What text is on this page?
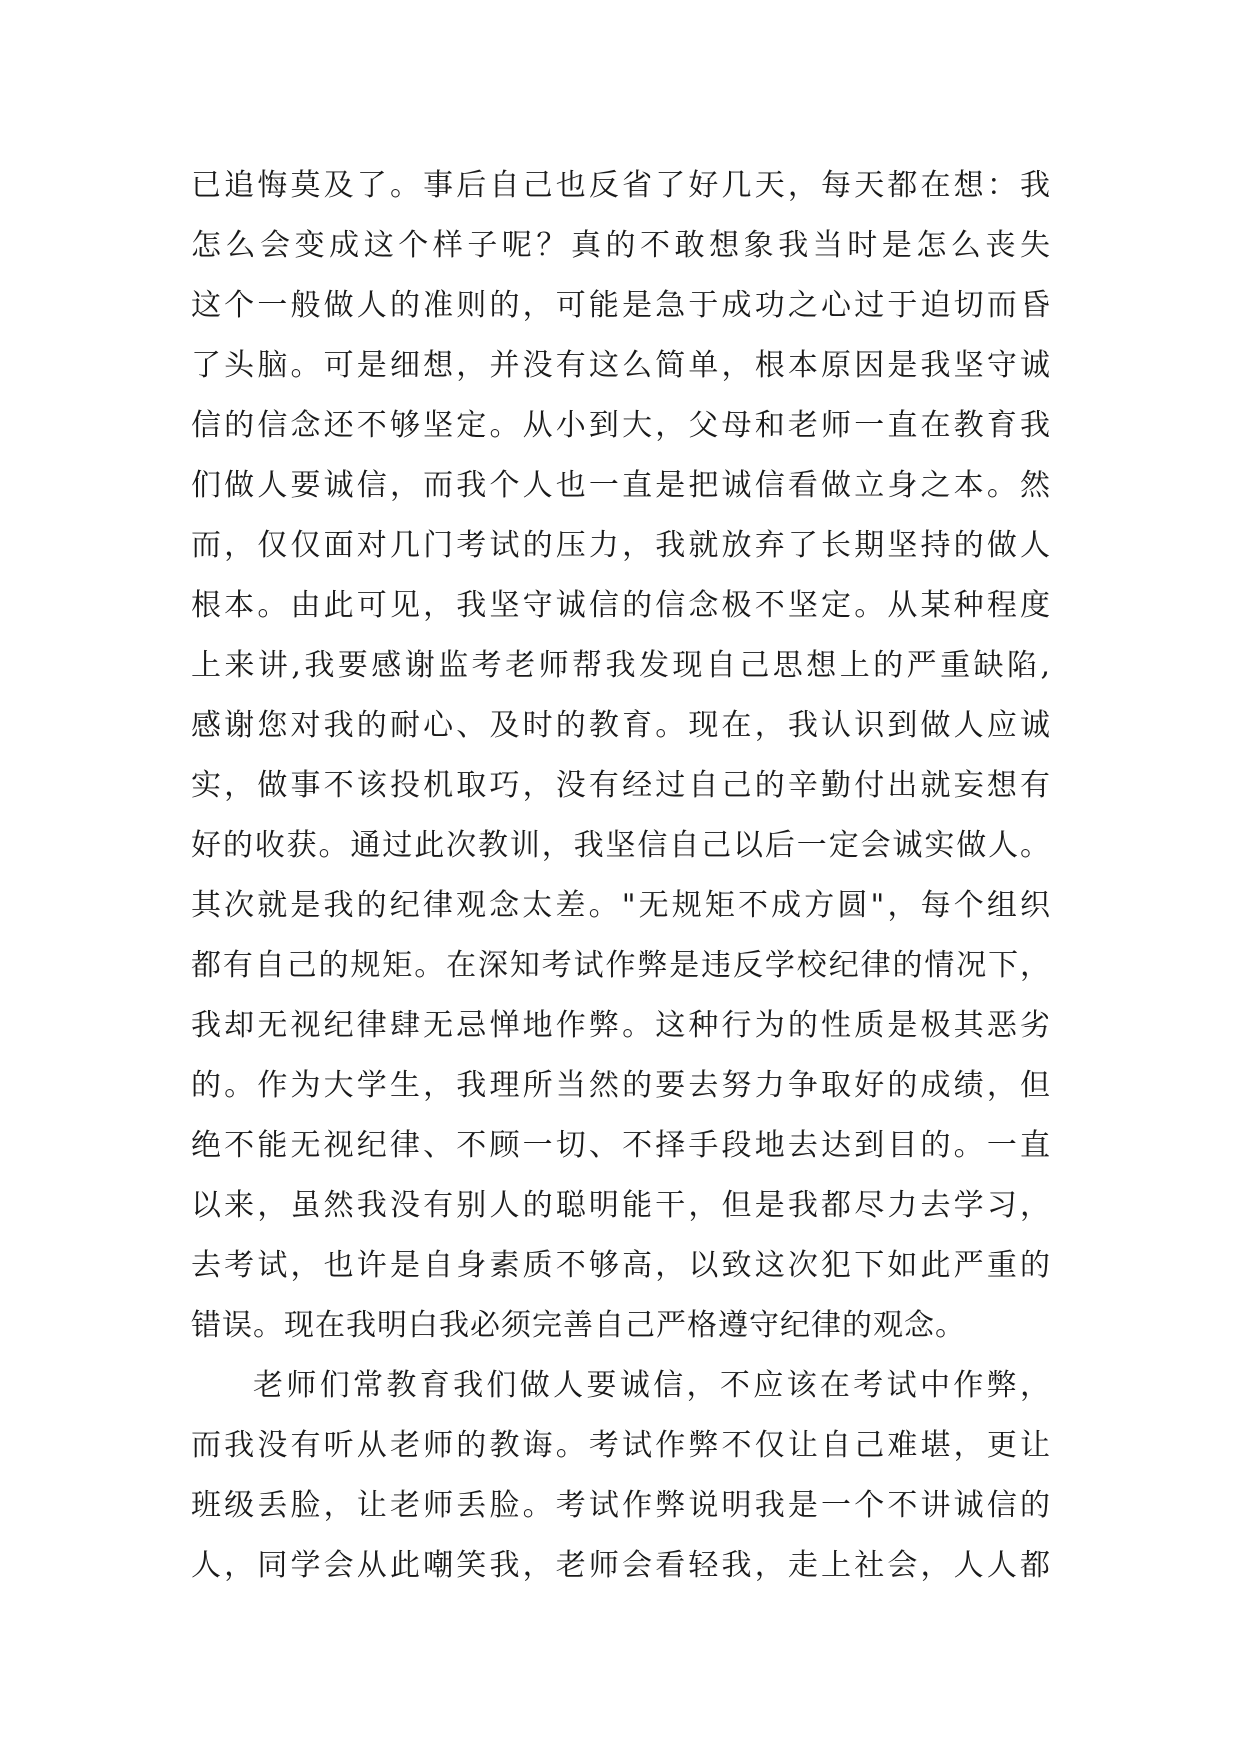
已追悔莫及了。事后自己也反省了好几天，每天都在想：我
怎么会变成这个样子呢？真的不敢想象我当时是怎么丧失
这个一般做人的准则的，可能是急于成功之心过于迫切而昏
了头脑。可是细想，并没有这么简单，根本原因是我坚守诚
信的信念还不够坚定。从小到大，父母和老师一直在教育我
们做人要诚信，而我个人也一直是把诚信看做立身之本。然
而，仅仅面对几门考试的压力，我就放弃了长期坚持的做人
根本。由此可见，我坚守诚信的信念极不坚定。从某种程度
上来讲,我要感谢监考老师帮我发现自己思想上的严重缺陷,
感谢您对我的耐心、及时的教育。现在，我认识到做人应诚
实，做事不该投机取巧，没有经过自己的辛勤付出就妄想有
好的收获。通过此次教训，我坚信自己以后一定会诚实做人。
其次就是我的纪律观念太差。"无规矩不成方圆"，每个组织
都有自己的规矩。在深知考试作弊是违反学校纪律的情况下，
我却无视纪律肆无忌惮地作弊。这种行为的性质是极其恶劣
的。作为大学生，我理所当然的要去努力争取好的成绩，但
绝不能无视纪律、不顾一切、不择手段地去达到目的。一直
以来，虽然我没有别人的聪明能干，但是我都尽力去学习，
去考试，也许是自身素质不够高，以致这次犯下如此严重的
错误。现在我明白我必须完善自己严格遵守纪律的观念。
老师们常教育我们做人要诚信，不应该在考试中作弊，
而我没有听从老师的教诲。考试作弊不仅让自己难堪，更让
班级丢脸，让老师丢脸。考试作弊说明我是一个不讲诚信的
人，同学会从此嘲笑我，老师会看轻我，走上社会，人人都
